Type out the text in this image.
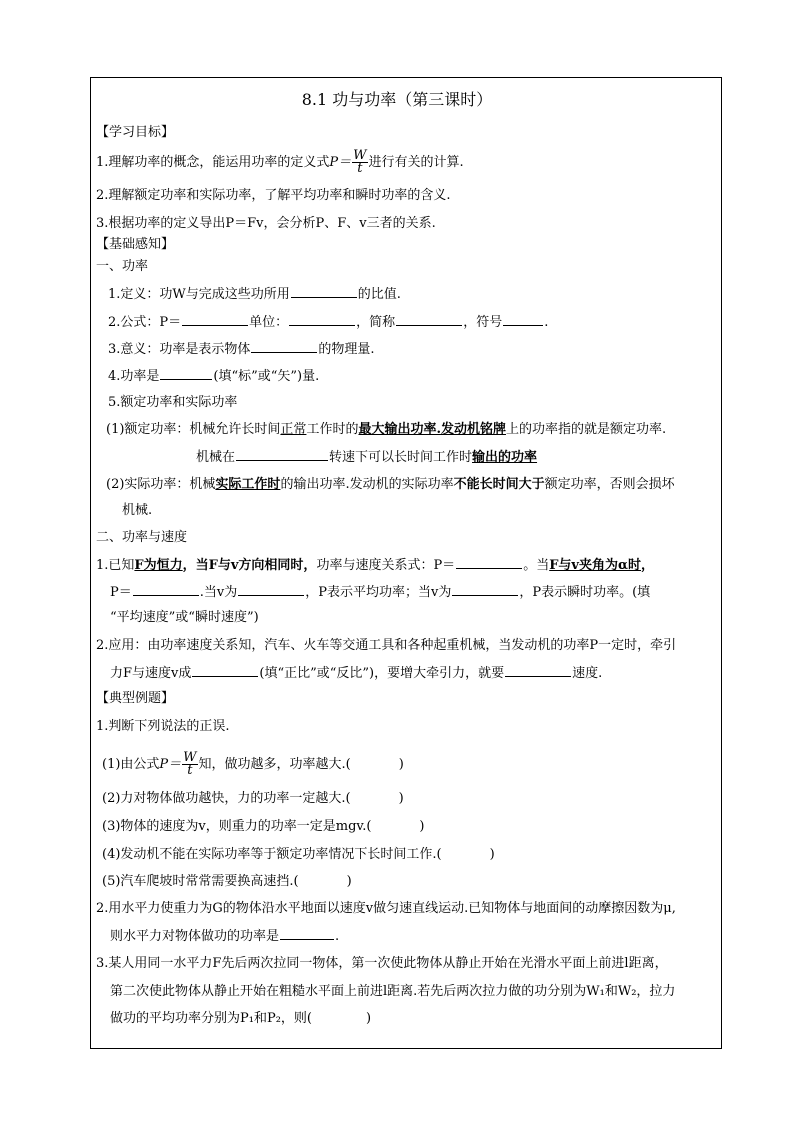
8.1 功与功率（第三课时）
【学习目标】
1.理解功率的概念，能运用功率的定义式$P= \frac{W}{t}$ 进行有关的计算.
2.理解额定功率和实际功率，了解平均功率和瞬时功率的含义.
3.根据功率的定义导出P＝Fv，会分析P、F、v三者的关系.
【基础感知】
一、功率
1.定义：功W与完成这些功所用	的比值.
2.公式：P＝	单位：	，简称	，符号	.
3.意义：功率是表示物体	的物理量.
4.功率是	(填“标”或“矢”)量.
5.额定功率和实际功率
(1)额定功率：机械允许长时间正常工作时的最大输出功率.发动机铭牌上的功率指的就是额定功率.
机械在	转速下可以长时间工作时输出的功率
(2)实际功率：机械实际工作时的输出功率.发动机的实际功率不能长时间大于额定功率，否则会损坏
机械.
二、功率与速度
1.已知F为恒力，当F与v方向相同时，功率与速度关系式：P＝	。当F与v夹角为α时，
P＝	.当v为	，P表示平均功率；当v为	，P表示瞬时功率。(填
“平均速度”或“瞬时速度”)
2.应用：由功率速度关系知，汽车、火车等交通工具和各种起重机械，当发动机的功率P一定时，牵引
力F与速度v成	(填“正比”或“反比”)，要增大牵引力，就要	速度.
【典型例题】
1.判断下列说法的正误.
(1)由公式$P= \frac{W}{t}$ 知，做功越多，功率越大.(	)
(2)力对物体做功越快，力的功率一定越大.(	)
(3)物体的速度为v，则重力的功率一定是mgv.(	)
(4)发动机不能在实际功率等于额定功率情况下长时间工作.(	)
(5)汽车爬坡时常常需要换高速挡.(	)
2.用水平力使重力为G的物体沿水平地面以速度v做匀速直线运动.已知物体与地面间的动摩擦因数为μ,
则水平力对物体做功的功率是	.
3.某人用同一水平力F先后两次拉同一物体，第一次使此物体从静止开始在光滑水平面上前进l距离，
第二次使此物体从静止开始在粗糙水平面上前进l距离.若先后两次拉力做的功分别为W₁和W₂，拉力
做功的平均功率分别为P₁和P₂，则(	)
